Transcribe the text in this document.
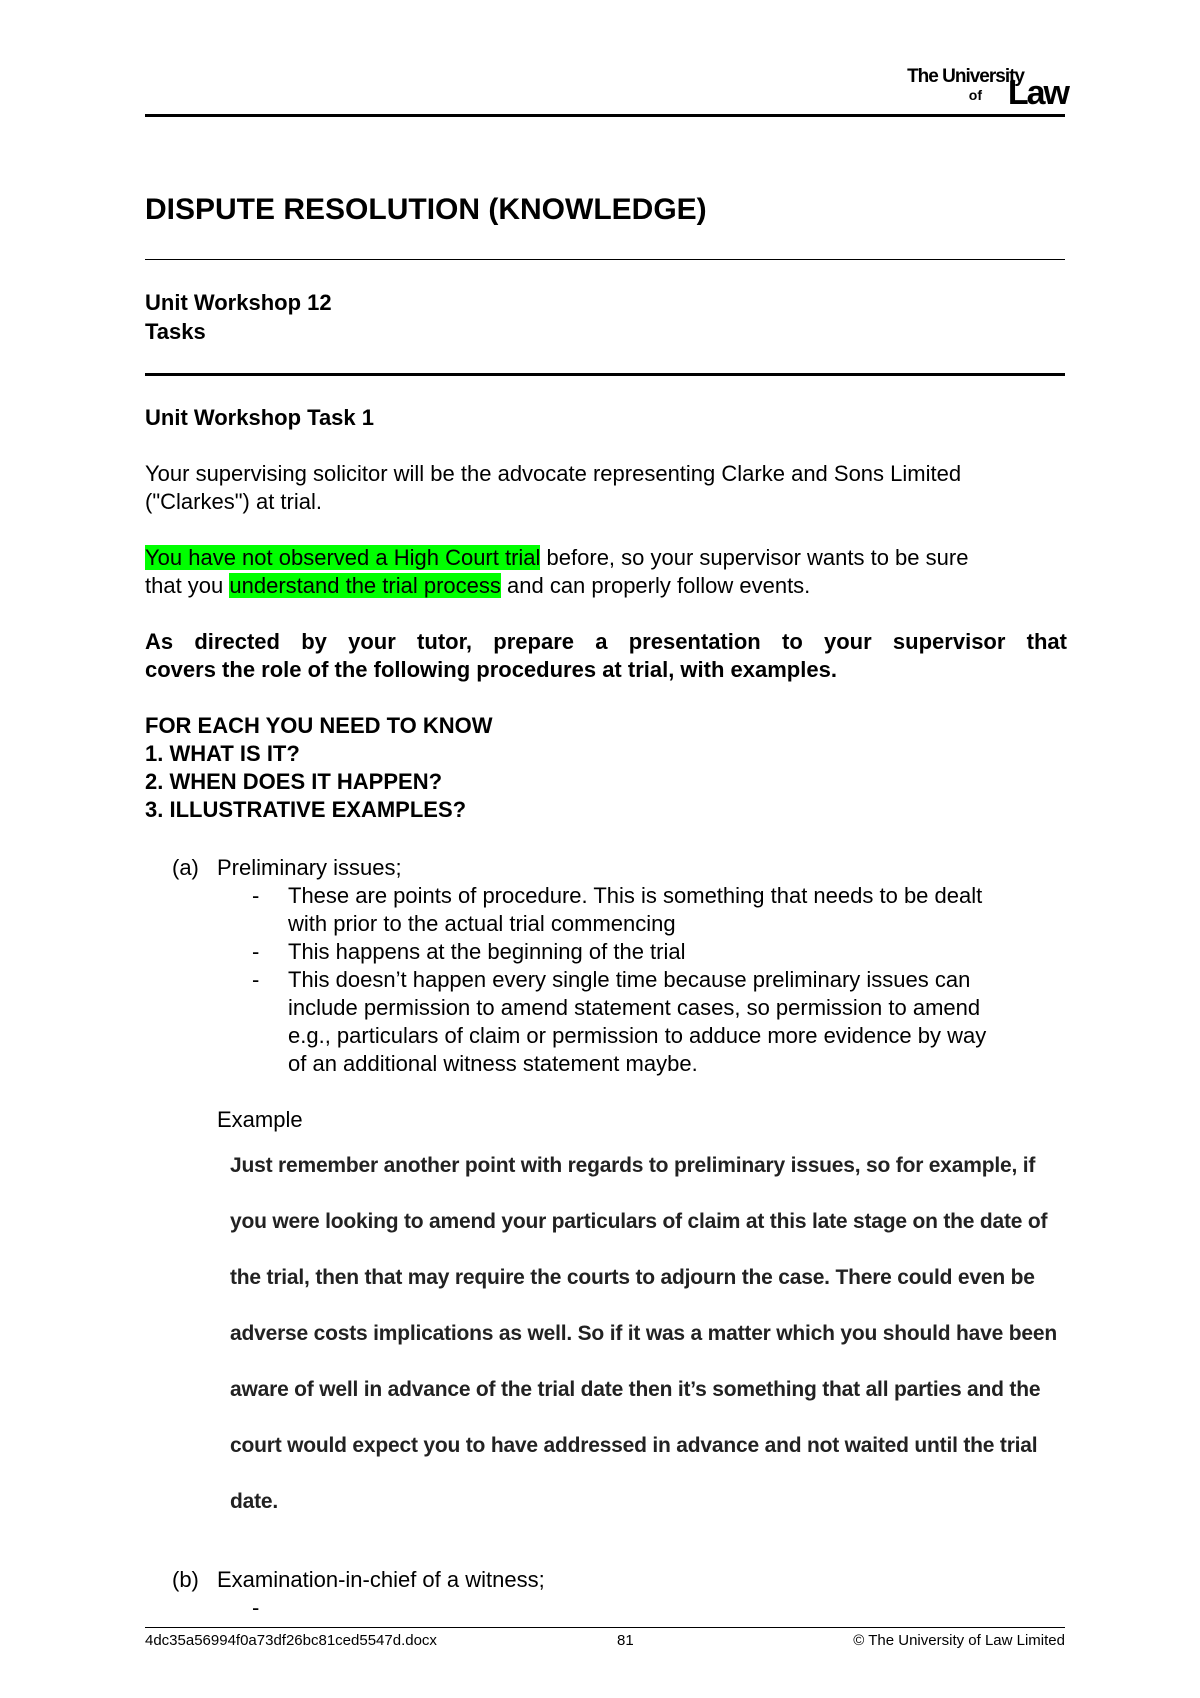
The University
of Law
DISPUTE RESOLUTION (KNOWLEDGE)
Unit Workshop 12
Tasks
Unit Workshop Task 1
Your supervising solicitor will be the advocate representing Clarke and Sons Limited
("Clarkes") at trial.
You have not observed a High Court trial before, so your supervisor wants to be sure
that you understand the trial process and can properly follow events.
As directed by your tutor, prepare a presentation to your supervisor that
covers the role of the following procedures at trial, with examples.
FOR EACH YOU NEED TO KNOW
1. WHAT IS IT?
2. WHEN DOES IT HAPPEN?
3. ILLUSTRATIVE EXAMPLES?
(a) Preliminary issues;
- These are points of procedure. This is something that needs to be dealt
with prior to the actual trial commencing
- This happens at the beginning of the trial
- This doesn’t happen every single time because preliminary issues can
include permission to amend statement cases, so permission to amend
e.g., particulars of claim or permission to adduce more evidence by way
of an additional witness statement maybe.
Example
Just remember another point with regards to preliminary issues, so for example, if
you were looking to amend your particulars of claim at this late stage on the date of
the trial, then that may require the courts to adjourn the case. There could even be
adverse costs implications as well. So if it was a matter which you should have been
aware of well in advance of the trial date then it’s something that all parties and the
court would expect you to have addressed in advance and not waited until the trial
date.
(b) Examination-in-chief of a witness;
-
4dc35a56994f0a73df26bc81ced5547d.docx	81	© The University of Law Limited
